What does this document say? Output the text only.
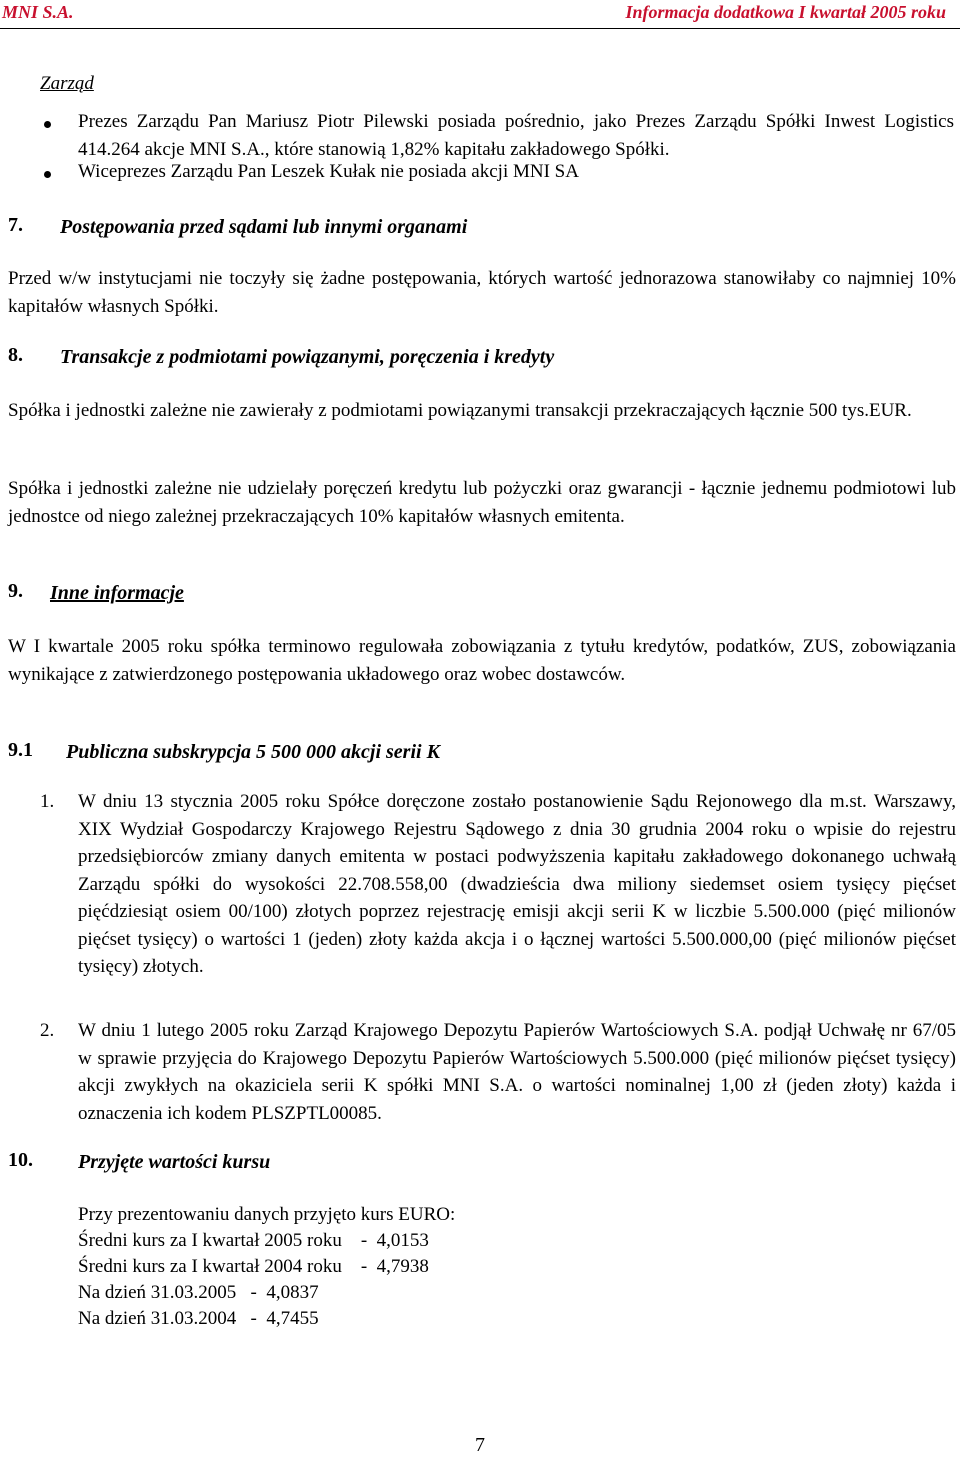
MNI S.A.	Informacja dodatkowa I kwartał 2005 roku
Zarząd
Prezes Zarządu Pan Mariusz Piotr Pilewski posiada pośrednio, jako Prezes Zarządu Spółki Inwest Logistics 414.264 akcje MNI S.A., które stanowią 1,82% kapitału zakładowego Spółki.
Wiceprezes Zarządu Pan Leszek Kułak nie posiada akcji MNI SA
7. Postępowania przed sądami lub innymi organami
Przed w/w instytucjami nie toczyły się żadne postępowania, których wartość jednorazowa stanowiłaby co najmniej 10% kapitałów własnych Spółki.
8. Transakcje z podmiotami powiązanymi, poręczenia i kredyty
Spółka i jednostki zależne nie zawierały z podmiotami powiązanymi transakcji przekraczających łącznie 500 tys.EUR.
Spółka i jednostki zależne nie udzielały poręczeń kredytu lub pożyczki oraz gwarancji - łącznie jednemu podmiotowi lub jednostce od niego zależnej przekraczających 10% kapitałów własnych emitenta.
9. Inne informacje
W I kwartale 2005 roku spółka terminowo regulowała zobowiązania z tytułu kredytów, podatków, ZUS, zobowiązania wynikające z zatwierdzonego postępowania układowego oraz wobec dostawców.
9.1 Publiczna subskrypcja 5 500 000 akcji serii K
1. W dniu 13 stycznia 2005 roku Spółce doręczone zostało postanowienie Sądu Rejonowego dla m.st. Warszawy, XIX Wydział Gospodarczy Krajowego Rejestru Sądowego z dnia 30 grudnia 2004 roku o wpisie do rejestru przedsiębiorców zmiany danych emitenta w postaci podwyższenia kapitału zakładowego dokonanego uchwałą Zarządu spółki do wysokości 22.708.558,00 (dwadzieścia dwa miliony siedemset osiem tysięcy pięćset pięćdziesiąt osiem 00/100) złotych poprzez rejestrację emisji akcji serii K w liczbie 5.500.000 (pięć milionów pięćset tysięcy) o wartości 1 (jeden) złoty każda akcja i o łącznej wartości 5.500.000,00 (pięć milionów pięćset tysięcy) złotych.
2. W dniu 1 lutego 2005 roku Zarząd Krajowego Depozytu Papierów Wartościowych S.A. podjął Uchwałę nr 67/05 w sprawie przyjęcia do Krajowego Depozytu Papierów Wartościowych 5.500.000 (pięć milionów pięćset tysięcy) akcji zwykłych na okaziciela serii K spółki MNI S.A. o wartości nominalnej 1,00 zł (jeden złoty) każda i oznaczenia ich kodem PLSZPTL00085.
10. Przyjęte wartości kursu
Przy prezentowaniu danych przyjęto kurs EURO:
Średni kurs za I kwartał 2005 roku    -  4,0153
Średni kurs za I kwartał 2004 roku    -  4,7938
Na dzień 31.03.2005   -  4,0837
Na dzień 31.03.2004   -  4,7455
7
